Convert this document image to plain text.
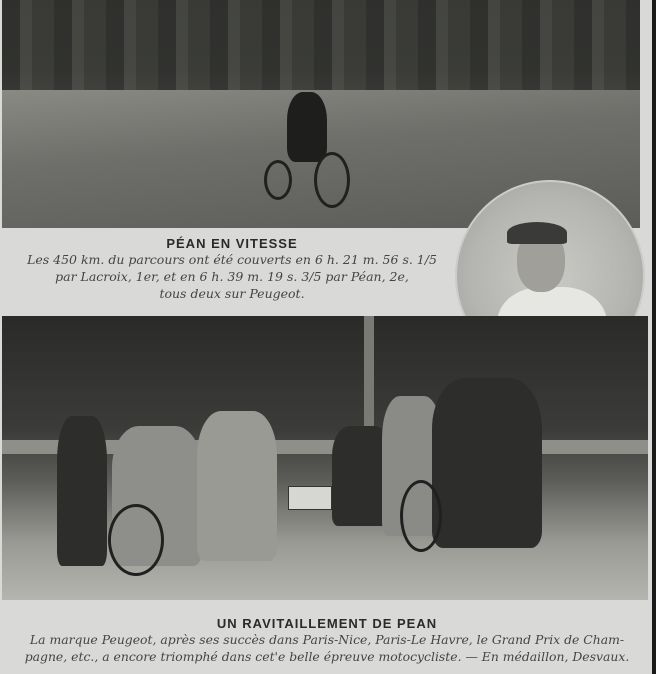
PÉAN EN VITESSE
Les 450 km. du parcours ont été couverts en 6 h. 21 m. 56 s. 1/5
par Lacroix, 1er, et en 6 h. 39 m. 19 s. 3/5 par Péan, 2e,
tous deux sur Peugeot.
UN RAVITAILLEMENT DE PEAN
La marque Peugeot, après ses succès dans Paris-Nice, Paris-Le Havre, le Grand Prix de Cham-
pagne, etc., a encore triomphé dans cet'e belle épreuve motocycliste. — En médaillon, Desvaux.
